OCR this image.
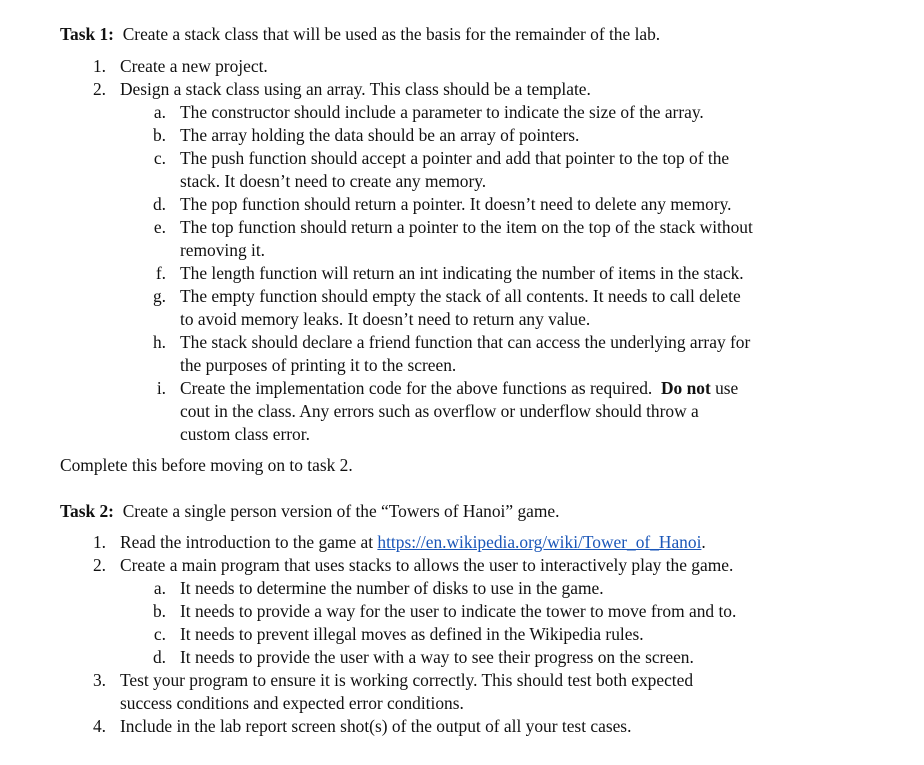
Task 1: Create a stack class that will be used as the basis for the remainder of the lab.
1. Create a new project.
2. Design a stack class using an array. This class should be a template.
a. The constructor should include a parameter to indicate the size of the array.
b. The array holding the data should be an array of pointers.
c. The push function should accept a pointer and add that pointer to the top of the
stack. It doesn’t need to create any memory.
d. The pop function should return a pointer. It doesn’t need to delete any memory.
e. The top function should return a pointer to the item on the top of the stack without
removing it.
f. The length function will return an int indicating the number of items in the stack.
g. The empty function should empty the stack of all contents. It needs to call delete
to avoid memory leaks. It doesn’t need to return any value.
h. The stack should declare a friend function that can access the underlying array for
the purposes of printing it to the screen.
i. Create the implementation code for the above functions as required.  Do not use
cout in the class. Any errors such as overflow or underflow should throw a
custom class error.
Complete this before moving on to task 2.
Task 2: Create a single person version of the “Towers of Hanoi” game.
1. Read the introduction to the game at https://en.wikipedia.org/wiki/Tower_of_Hanoi.
2. Create a main program that uses stacks to allows the user to interactively play the game.
a. It needs to determine the number of disks to use in the game.
b. It needs to provide a way for the user to indicate the tower to move from and to.
c. It needs to prevent illegal moves as defined in the Wikipedia rules.
d. It needs to provide the user with a way to see their progress on the screen.
3. Test your program to ensure it is working correctly. This should test both expected
success conditions and expected error conditions.
4. Include in the lab report screen shot(s) of the output of all your test cases.
